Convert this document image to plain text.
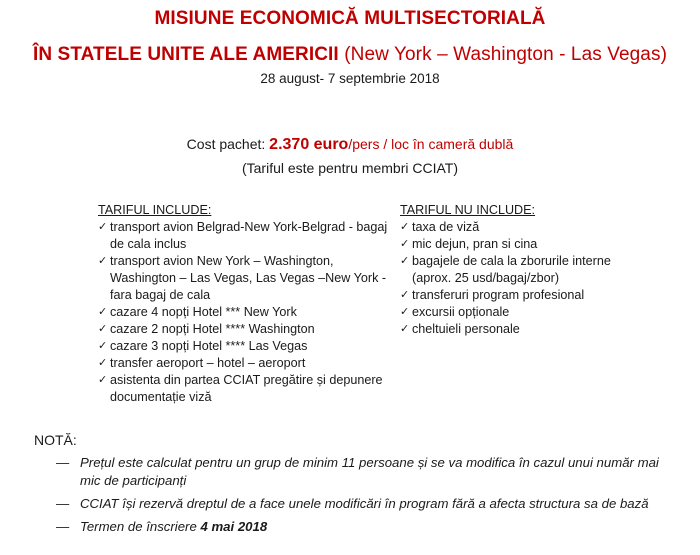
MISIUNE ECONOMICĂ MULTISECTORIALĂ
ÎN STATELE UNITE ALE AMERICII (New York – Washington - Las Vegas)
28 august- 7 septembrie 2018
Cost pachet: 2.370 euro/pers / loc în cameră dublă
(Tariful este pentru membri CCIAT)
TARIFUL INCLUDE:
✓ transport avion Belgrad-New York-Belgrad - bagaj de cala inclus
✓ transport avion New York – Washington, Washington – Las Vegas, Las Vegas –New York - fara bagaj de cala
✓ cazare 4 nopți Hotel *** New York
✓ cazare 2 nopți Hotel **** Washington
✓ cazare 3 nopți Hotel **** Las Vegas
✓ transfer aeroport – hotel – aeroport
✓ asistenta din partea CCIAT pregătire și depunere documentație viză
TARIFUL NU INCLUDE:
✓ taxa de viză
✓ mic dejun, pran si cina
✓ bagajele de cala la zborurile interne (aprox. 25 usd/bagaj/zbor)
✓ transferuri program profesional
✓ excursii opționale
✓ cheltuieli personale
NOTĂ:
— Prețul este calculat pentru un grup de minim 11 persoane și se va modifica în cazul unui număr mai mic de participanți
— CCIAT își rezervă dreptul de a face unele modificări în program fără a afecta structura sa de bază
— Termen de înscriere 4 mai 2018
